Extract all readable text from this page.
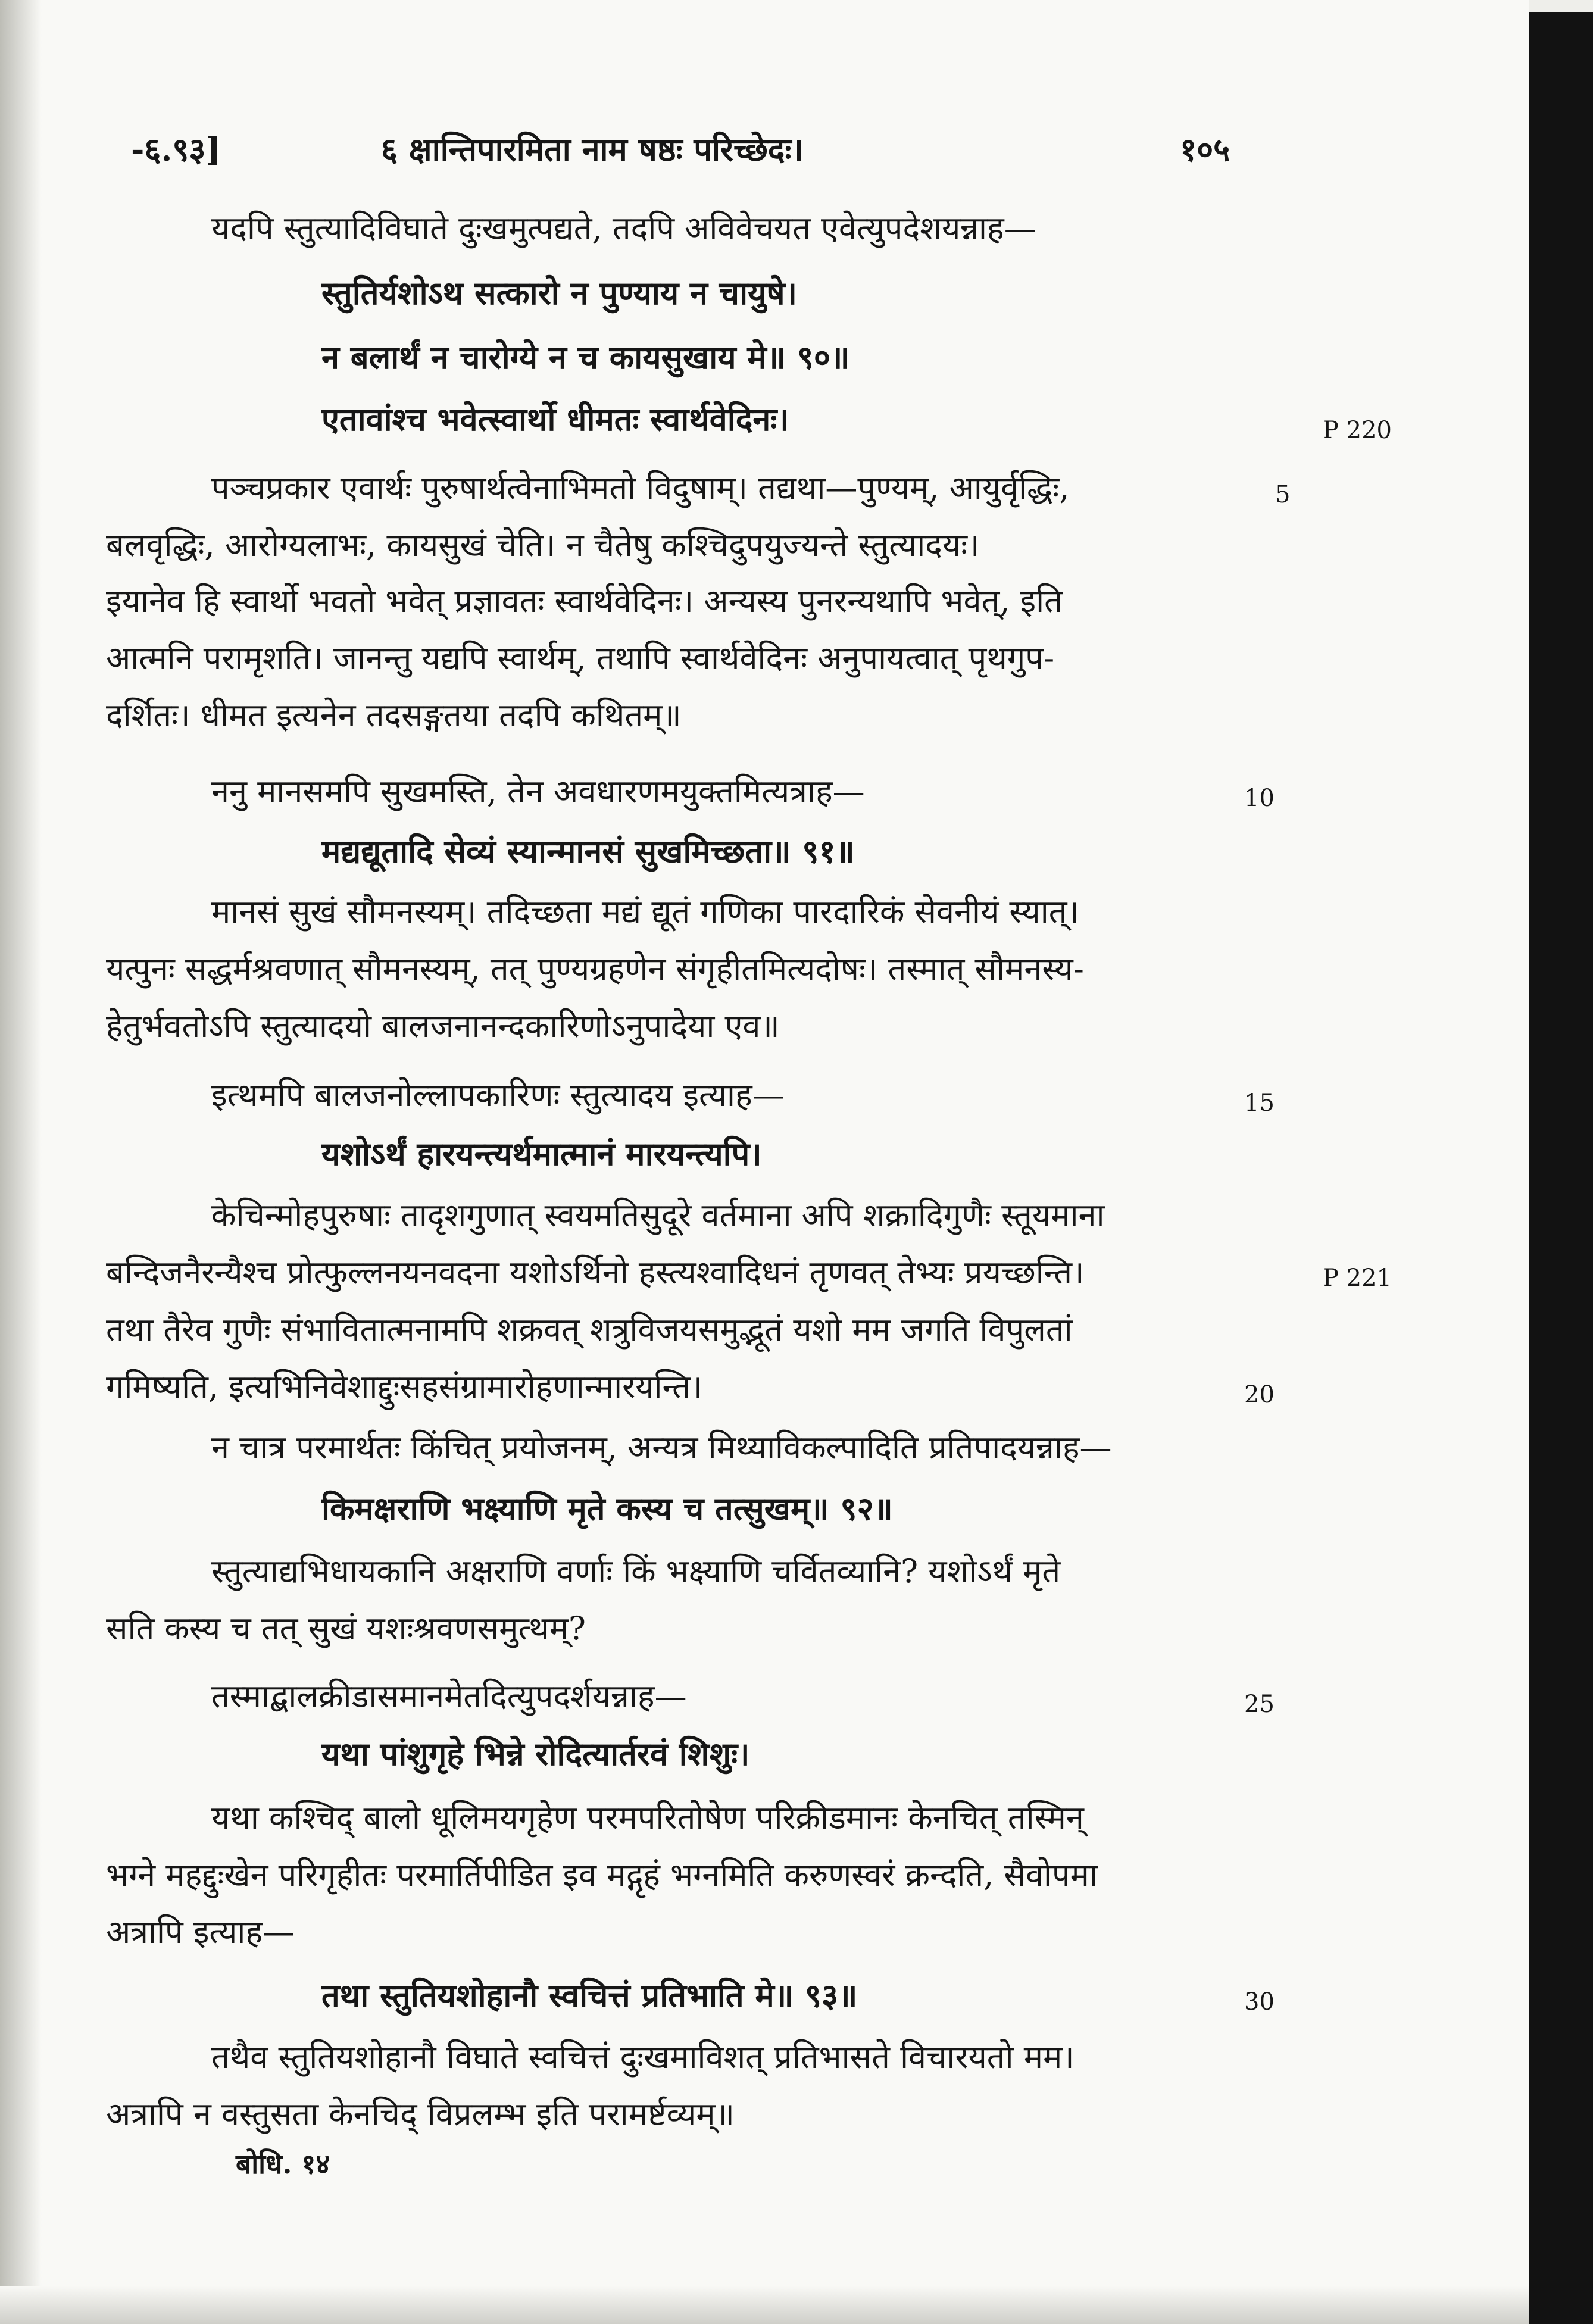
-६.९३]	६ क्षान्तिपारमिता नाम षष्ठः परिच्छेदः।	१०५
यदपि स्तुत्यादिविघाते दुःखमुत्पद्यते, तदपि अविवेचयत एवेत्युपदेशयन्नाह—
स्तुतिर्यशोऽथ सत्कारो न पुण्याय न चायुषे।
न बलार्थं न चारोग्ये न च कायसुखाय मे॥ ९०॥
एतावांश्च भवेत्स्वार्थो धीमतः स्वार्थवेदिनः।
पञ्चप्रकार एवार्थः पुरुषार्थत्वेनाभिमतो विदुषाम्। तद्यथा—पुण्यम्, आयुर्वृद्धिः,
बलवृद्धिः, आरोग्यलाभः, कायसुखं चेति। न चैतेषु कश्चिदुपयुज्यन्ते स्तुत्यादयः।
इयानेव हि स्वार्थो भवतो भवेत् प्रज्ञावतः स्वार्थवेदिनः। अन्यस्य पुनरन्यथापि भवेत्, इति
आत्मनि परामृशति। जानन्तु यद्यपि स्वार्थम्, तथापि स्वार्थवेदिनः अनुपायत्वात् पृथगुप-
दर्शितः। धीमत इत्यनेन तदसङ्गतया तदपि कथितम्॥
ननु मानसमपि सुखमस्ति, तेन अवधारणमयुक्तमित्यत्राह—
मद्यद्यूतादि सेव्यं स्यान्मानसं सुखमिच्छता॥ ९१॥
मानसं सुखं सौमनस्यम्। तदिच्छता मद्यं द्यूतं गणिका पारदारिकं सेवनीयं स्यात्।
यत्पुनः सद्धर्मश्रवणात् सौमनस्यम्, तत् पुण्यग्रहणेन संगृहीतमित्यदोषः। तस्मात् सौमनस्य-
हेतुर्भवतोऽपि स्तुत्यादयो बालजनानन्दकारिणोऽनुपादेया एव॥
इत्थमपि बालजनोल्लापकारिणः स्तुत्यादय इत्याह—
यशोऽर्थं हारयन्त्यर्थमात्मानं मारयन्त्यपि।
केचिन्मोहपुरुषाः तादृशगुणात् स्वयमतिसुदूरे वर्तमाना अपि शक्रादिगुणैः स्तूयमाना
बन्दिजनैरन्यैश्च प्रोत्फुल्लनयनवदना यशोऽर्थिनो हस्त्यश्वादिधनं तृणवत् तेभ्यः प्रयच्छन्ति।
तथा तैरेव गुणैः संभावितात्मनामपि शक्रवत् शत्रुविजयसमुद्भूतं यशो मम जगति विपुलतां
गमिष्यति, इत्यभिनिवेशाद्दुःसहसंग्रामारोहणान्मारयन्ति।
न चात्र परमार्थतः किंचित् प्रयोजनम्, अन्यत्र मिथ्याविकल्पादिति प्रतिपादयन्नाह—
किमक्षराणि भक्ष्याणि मृते कस्य च तत्सुखम्॥ ९२॥
स्तुत्याद्यभिधायकानि अक्षराणि वर्णाः किं भक्ष्याणि चर्वितव्यानि? यशोऽर्थं मृते
सति कस्य च तत् सुखं यशःश्रवणसमुत्थम्?
तस्माद्बालक्रीडासमानमेतदित्युपदर्शयन्नाह—
यथा पांशुगृहे भिन्ने रोदित्यार्तरवं शिशुः।
यथा कश्चिद् बालो धूलिमयगृहेण परमपरितोषेण परिक्रीडमानः केनचित् तस्मिन्
भग्ने महद्दुःखेन परिगृहीतः परमार्तिपीडित इव मद्गृहं भग्नमिति करुणस्वरं क्रन्दति, सैवोपमा
अत्रापि इत्याह—
तथा स्तुतियशोहानौ स्वचित्तं प्रतिभाति मे॥ ९३॥
तथैव स्तुतियशोहानौ विघाते स्वचित्तं दुःखमाविशत् प्रतिभासते विचारयतो मम।
अत्रापि न वस्तुसता केनचिद् विप्रलम्भ इति परामर्ष्टव्यम्॥
बोधि. १४
5
10
15
20
25
30
P 220
P 221
